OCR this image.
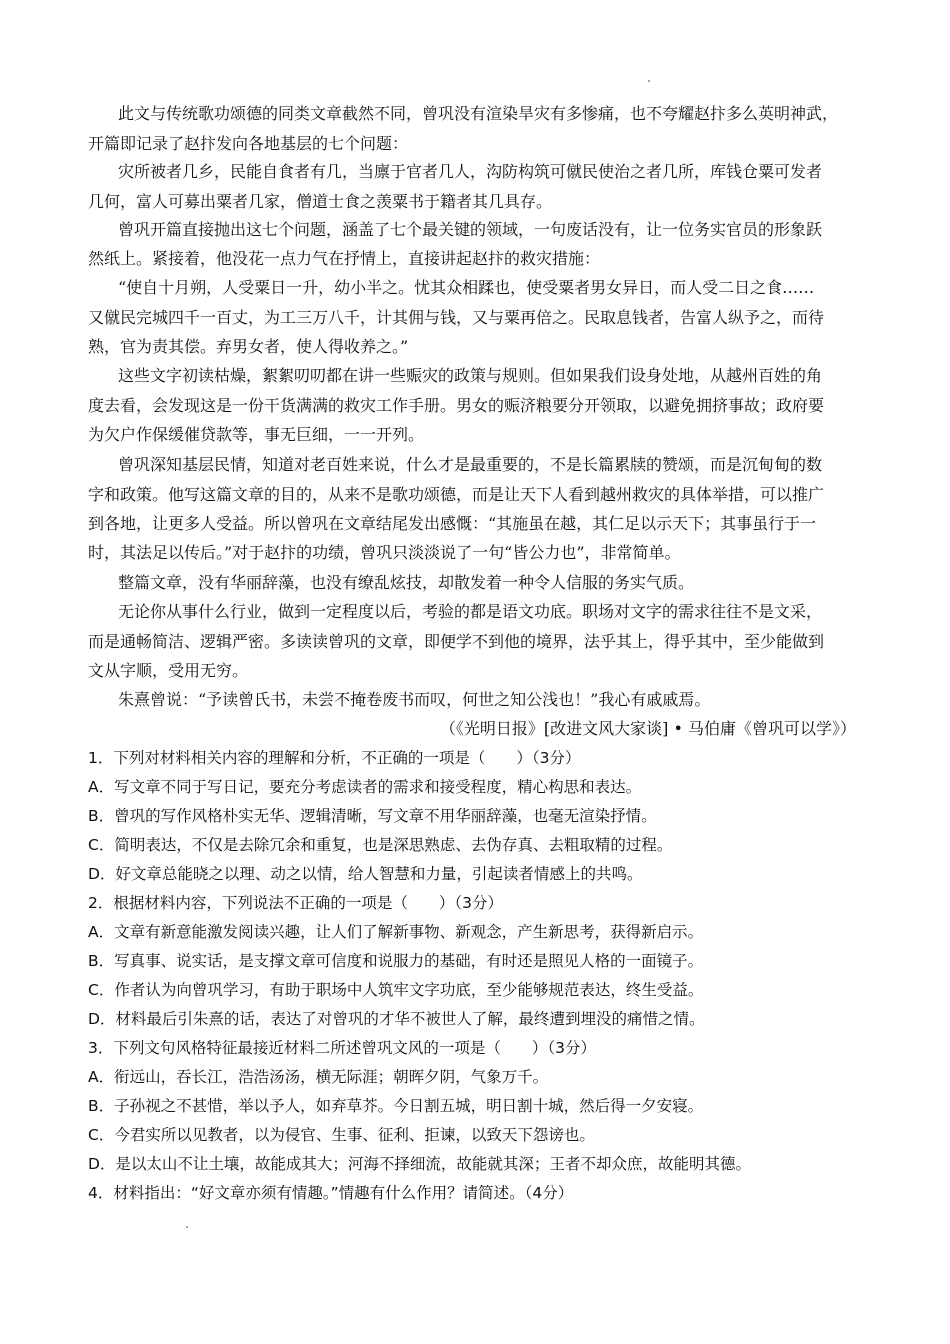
此文与传统歌功颂德的同类文章截然不同，曾巩没有渲染旱灾有多惨痛，也不夸耀赵抃多么英明神武，
开篇即记录了赵抃发向各地基层的七个问题：
灾所被者几乡，民能自食者有几，当廪于官者几人，沟防构筑可僦民使治之者几所，库钱仓粟可发者
几何，富人可募出粟者几家，僧道士食之羡粟书于籍者其几具存。
曾巩开篇直接抛出这七个问题，涵盖了七个最关键的领域，一句废话没有，让一位务实官员的形象跃
然纸上。紧接着，他没花一点力气在抒情上，直接讲起赵抃的救灾措施：
“使自十月朔，人受粟日一升，幼小半之。忧其众相蹂也，使受粟者男女异日，而人受二日之食……
又僦民完城四千一百丈，为工三万八千，计其佣与钱，又与粟再倍之。民取息钱者，告富人纵予之，而待
熟，官为责其偿。弃男女者，使人得收养之。”
这些文字初读枯燥，絮絮叨叨都在讲一些赈灾的政策与规则。但如果我们设身处地，从越州百姓的角
度去看，会发现这是一份干货满满的救灾工作手册。男女的赈济粮要分开领取，以避免拥挤事故；政府要
为欠户作保缓催贷款等，事无巨细，一一开列。
曾巩深知基层民情，知道对老百姓来说，什么才是最重要的，不是长篇累牍的赞颂，而是沉甸甸的数
字和政策。他写这篇文章的目的，从来不是歌功颂德，而是让天下人看到越州救灾的具体举措，可以推广
到各地，让更多人受益。所以曾巩在文章结尾发出感慨：“其施虽在越，其仁足以示天下；其事虽行于一
时，其法足以传后。”对于赵抃的功绩，曾巩只淡淡说了一句“皆公力也”，非常简单。
整篇文章，没有华丽辞藻，也没有缭乱炫技，却散发着一种令人信服的务实气质。
无论你从事什么行业，做到一定程度以后，考验的都是语文功底。职场对文字的需求往往不是文采，
而是通畅简洁、逻辑严密。多读读曾巩的文章，即便学不到他的境界，法乎其上，得乎其中，至少能做到
文从字顺，受用无穷。
朱熹曾说：“予读曾氏书，未尝不掩卷废书而叹，何世之知公浅也！”我心有戚戚焉。
（《光明日报》[改进文风大家谈] • 马伯庸《曾巩可以学》）
1．下列对材料相关内容的理解和分析，不正确的一项是（　　）（3分）
A．写文章不同于写日记，要充分考虑读者的需求和接受程度，精心构思和表达。
B．曾巩的写作风格朴实无华、逻辑清晰，写文章不用华丽辞藻，也毫无渲染抒情。
C．简明表达，不仅是去除冗余和重复，也是深思熟虑、去伪存真、去粗取精的过程。
D．好文章总能晓之以理、动之以情，给人智慧和力量，引起读者情感上的共鸣。
2．根据材料内容，下列说法不正确的一项是（　　）（3分）
A．文章有新意能激发阅读兴趣，让人们了解新事物、新观念，产生新思考，获得新启示。
B．写真事、说实话，是支撑文章可信度和说服力的基础，有时还是照见人格的一面镜子。
C．作者认为向曾巩学习，有助于职场中人筑牢文字功底，至少能够规范表达，终生受益。
D．材料最后引朱熹的话，表达了对曾巩的才华不被世人了解，最终遭到埋没的痛惜之情。
3．下列文句风格特征最接近材料二所述曾巩文风的一项是（　　）（3分）
A．衔远山，吞长江，浩浩汤汤，横无际涯；朝晖夕阴，气象万千。
B．子孙视之不甚惜，举以予人，如弃草芥。今日割五城，明日割十城，然后得一夕安寝。
C．今君实所以见教者，以为侵官、生事、征利、拒谏，以致天下怨谤也。
D．是以太山不让土壤，故能成其大；河海不择细流，故能就其深；王者不却众庶，故能明其德。
4．材料指出：“好文章亦须有情趣。”情趣有什么作用？请简述。（4分）
